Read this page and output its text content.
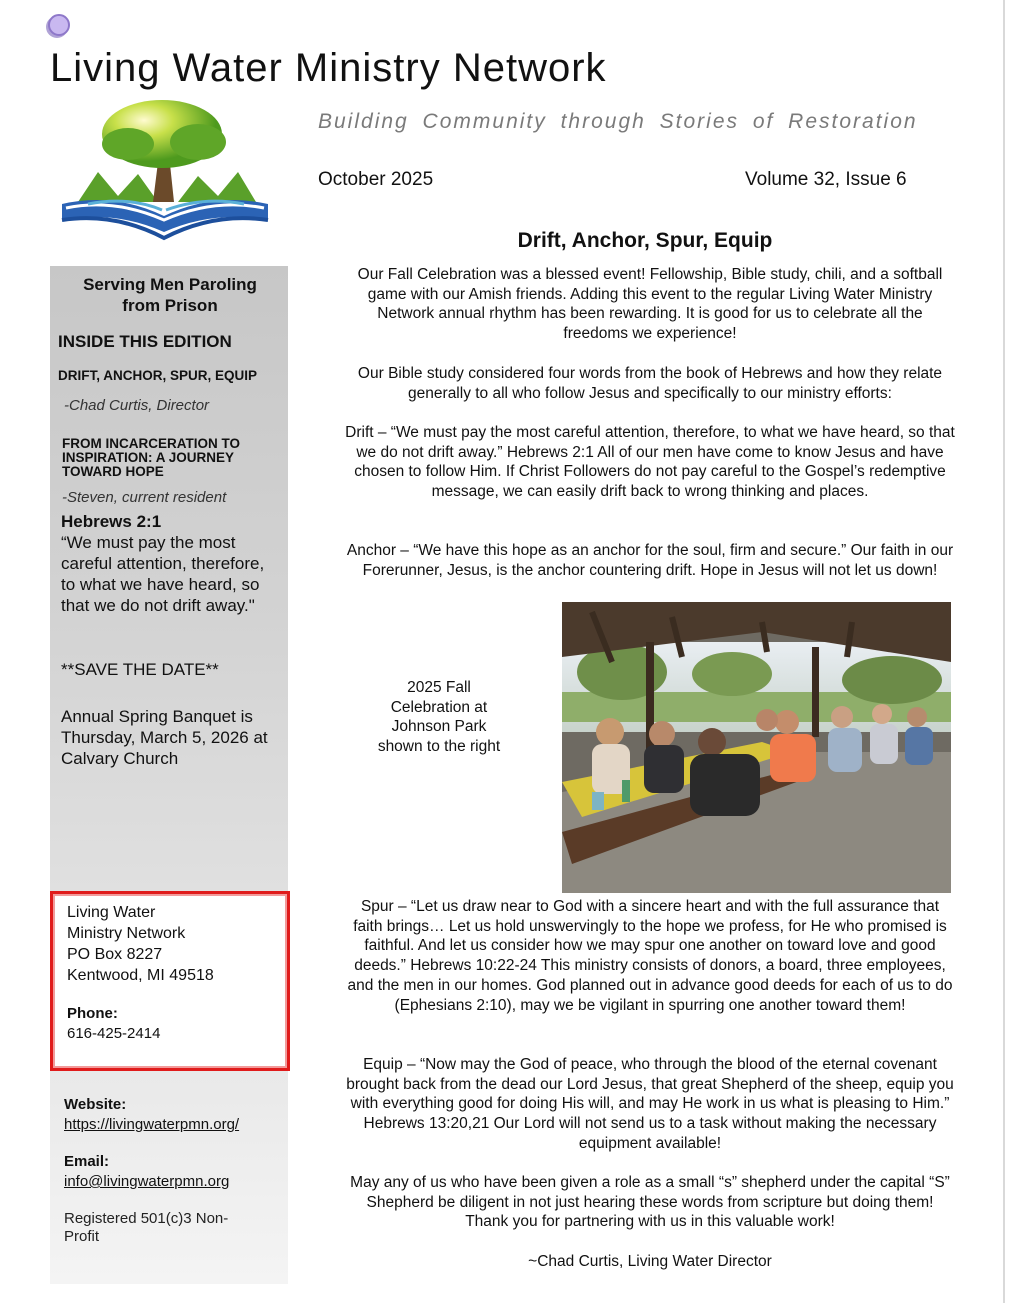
Living Water Ministry Network
Building Community through Stories of Restoration
October 2025	Volume 32, Issue 6
Serving Men Paroling from Prison
INSIDE THIS EDITION
DRIFT, ANCHOR, SPUR, EQUIP
-Chad Curtis, Director
FROM INCARCERATION TO INSPIRATION: A JOURNEY TOWARD HOPE
-Steven, current resident
Hebrews 2:1
“We must pay the most careful attention, therefore, to what we have heard, so that we do not drift away."
**SAVE THE DATE**
Annual Spring Banquet is Thursday, March 5, 2026 at Calvary Church
Living Water
Ministry Network
PO Box 8227
Kentwood, MI 49518
Phone:
616-425-2414
Website:
https://livingwaterpmn.org/
Email:
info@livingwaterpmn.org
Registered 501(c)3 Non-Profit
Drift, Anchor, Spur, Equip
Our Fall Celebration was a blessed event! Fellowship, Bible study, chili, and a softball game with our Amish friends. Adding this event to the regular Living Water Ministry Network annual rhythm has been rewarding. It is good for us to celebrate all the freedoms we experience!
Our Bible study considered four words from the book of Hebrews and how they relate generally to all who follow Jesus and specifically to our ministry efforts:
Drift – “We must pay the most careful attention, therefore, to what we have heard, so that we do not drift away.” Hebrews 2:1 All of our men have come to know Jesus and have chosen to follow Him. If Christ Followers do not pay careful to the Gospel’s redemptive message, we can easily drift back to wrong thinking and places.
Anchor – “We have this hope as an anchor for the soul, firm and secure.” Our faith in our Forerunner, Jesus, is the anchor countering drift. Hope in Jesus will not let us down!
2025 Fall Celebration at Johnson Park shown to the right
Spur – “Let us draw near to God with a sincere heart and with the full assurance that faith brings… Let us hold unswervingly to the hope we profess, for He who promised is faithful. And let us consider how we may spur one another on toward love and good deeds.” Hebrews 10:22-24 This ministry consists of donors, a board, three employees, and the men in our homes. God planned out in advance good deeds for each of us to do (Ephesians 2:10), may we be vigilant in spurring one another toward them!
Equip – “Now may the God of peace, who through the blood of the eternal covenant brought back from the dead our Lord Jesus, that great Shepherd of the sheep, equip you with everything good for doing His will, and may He work in us what is pleasing to Him.” Hebrews 13:20,21 Our Lord will not send us to a task without making the necessary equipment available!
May any of us who have been given a role as a small “s” shepherd under the capital “S” Shepherd be diligent in not just hearing these words from scripture but doing them! Thank you for partnering with us in this valuable work!
~Chad Curtis, Living Water Director
